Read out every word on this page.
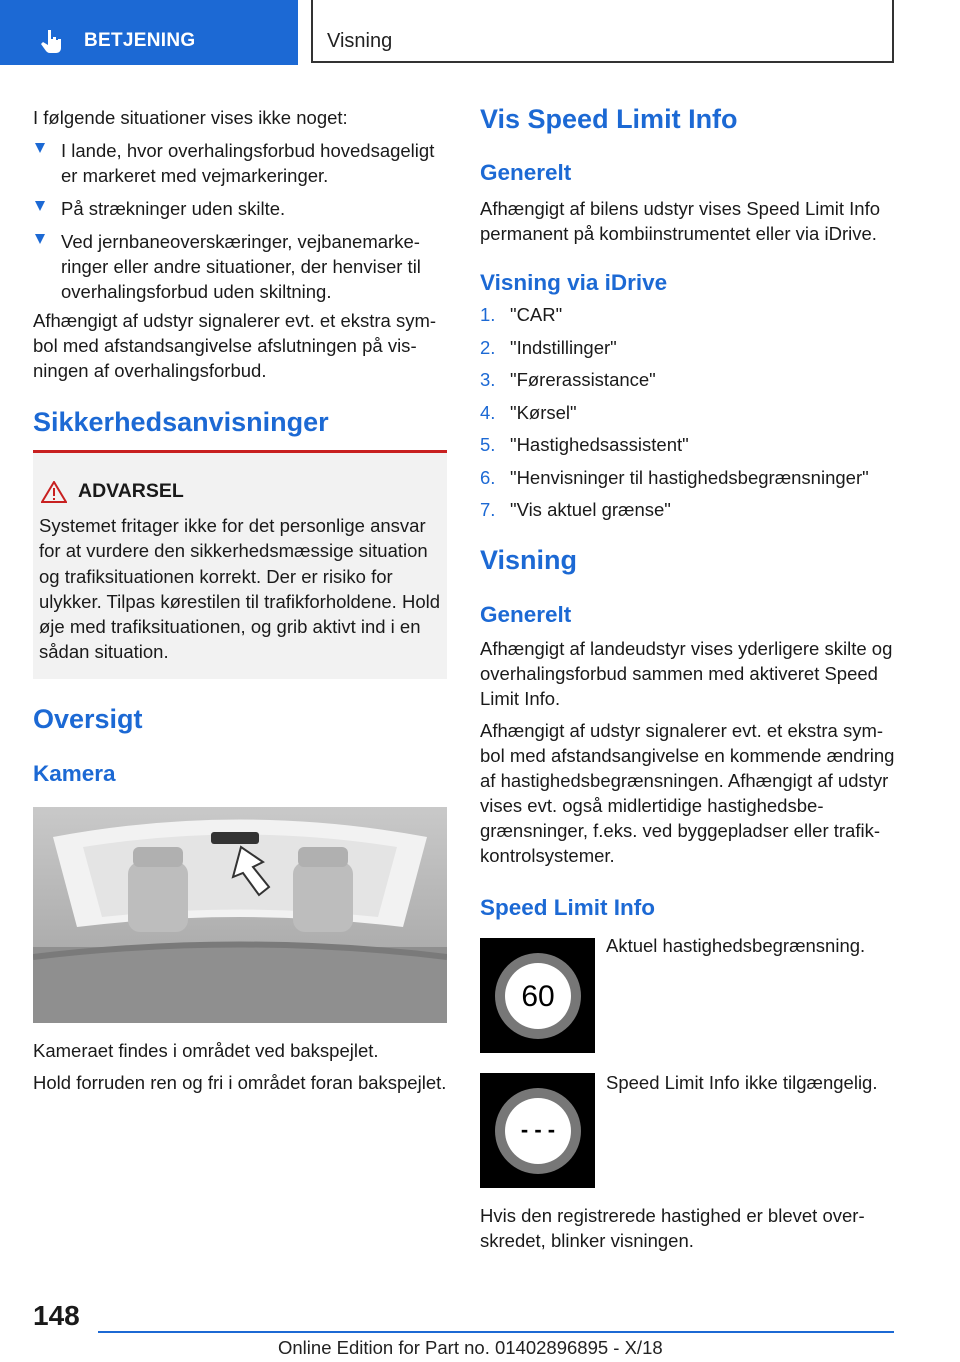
BETJENING	Visning

I følgende situationer vises ikke noget:

I lande, hvor overhalingsforbud hovedsageligt er markeret med vejmarkeringer.
På strækninger uden skilte.
Ved jernbaneoverskæringer, vejbanemarkeringer eller andre situationer, der henviser til overhalingsforbud uden skiltning.

Afhængigt af udstyr signalerer evt. et ekstra symbol med afstandsangivelse afslutningen på visningen af overhalingsforbud.

Sikkerhedsanvisninger
ADVARSEL
Systemet fritager ikke for det personlige ansvar for at vurdere den sikkerhedsmæssige situation og trafiksituationen korrekt. Der er risiko for ulykker. Tilpas kørestilen til trafikforholdene. Hold øje med trafiksituationen, og grib aktivt ind i en sådan situation.
Oversigt
Kamera

Kameraet findes i området ved bakspejlet.

Hold forruden ren og fri i området foran bakspejlet.

Vis Speed Limit Info
Generelt

Afhængigt af bilens udstyr vises Speed Limit Info permanent på kombiinstrumentet eller via iDrive.

Visning via iDrive
1. "CAR"
2. "Indstillinger"
3. "Førerassistance"
4. "Kørsel"
5. "Hastighedsassistent"
6. "Henvisninger til hastighedsbegrænsninger"
7. "Vis aktuel grænse"
Visning
Generelt

Afhængigt af landeudstyr vises yderligere skilte og overhalingsforbud sammen med aktiveret Speed Limit Info.

Afhængigt af udstyr signalerer evt. et ekstra symbol med afstandsangivelse en kommende ændring af hastighedsbegrænsningen. Afhængigt af udstyr vises evt. også midlertidige hastighedsbegrænsninger, f.eks. ved byggepladser eller trafikkontrolsystemer.

Speed Limit Info
60

Aktuel hastighedsbegrænsning.

- - -

Speed Limit Info ikke tilgængelig.

Hvis den registrerede hastighed er blevet overskredet, blinker visningen.

148
Online Edition for Part no. 01402896895 - X/18
